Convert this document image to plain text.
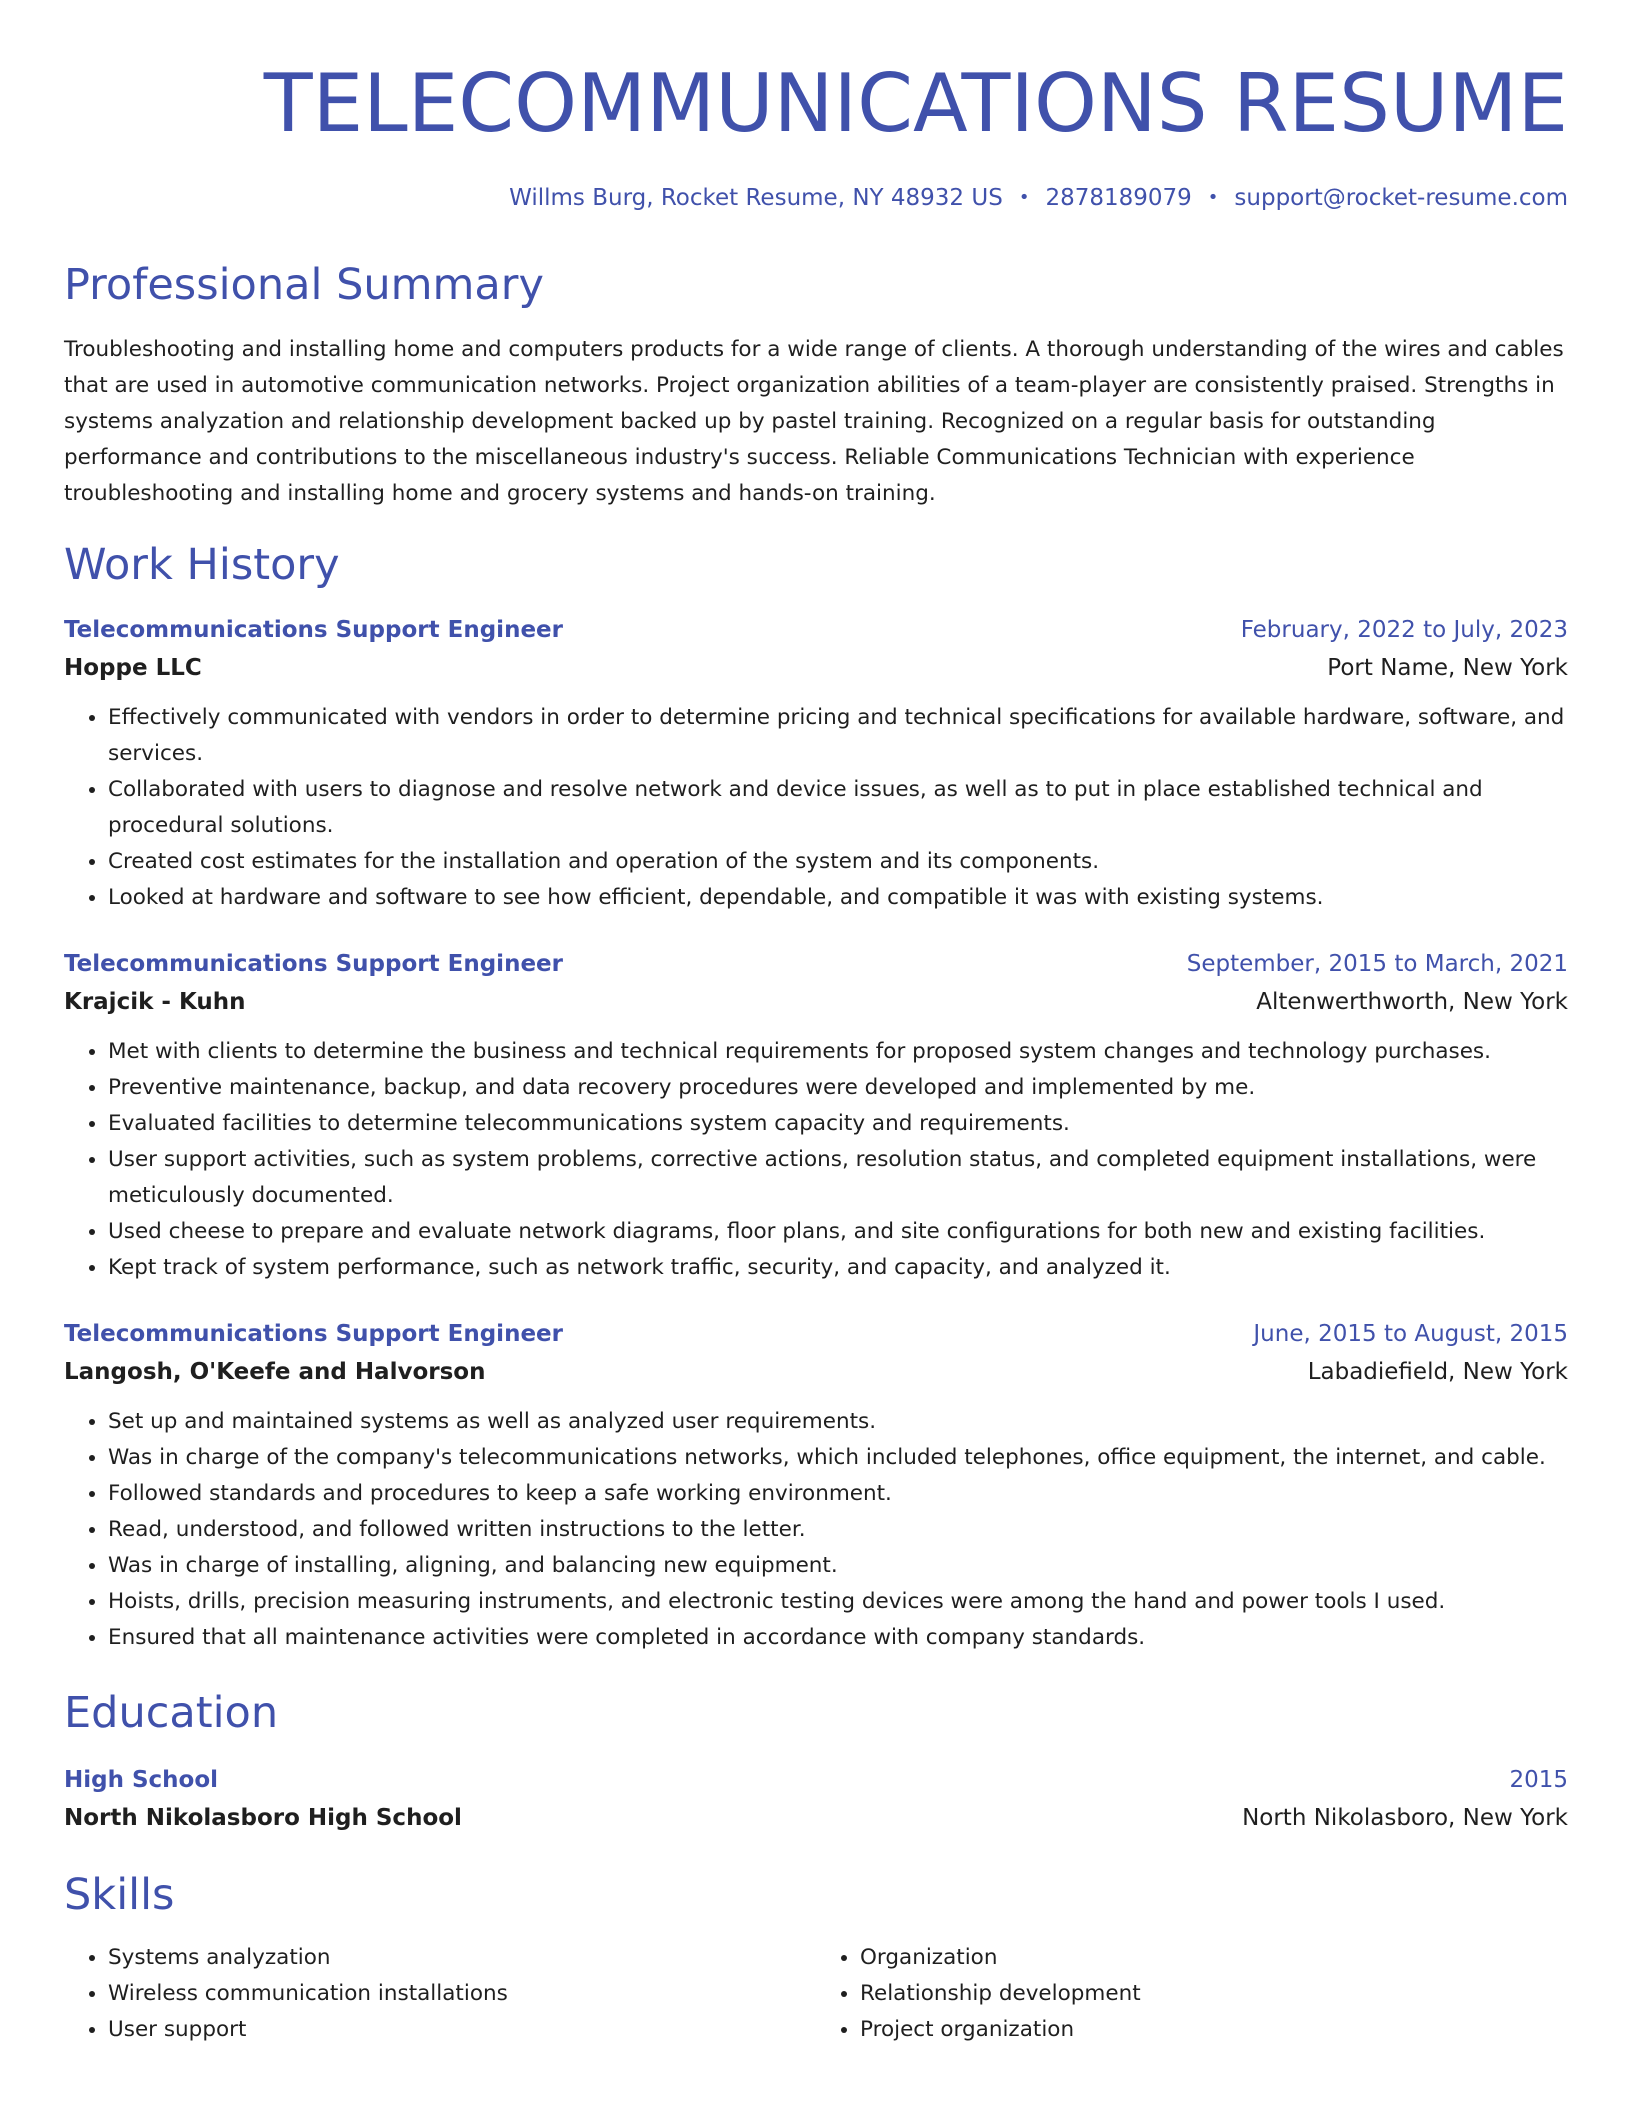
TELECOMMUNICATIONS RESUME
Willms Burg, Rocket Resume, NY 48932 US • 2878189079 • support@rocket-resume.com
Professional Summary
Troubleshooting and installing home and computers products for a wide range of clients. A thorough understanding of the wires and cables that are used in automotive communication networks. Project organization abilities of a team-player are consistently praised. Strengths in systems analyzation and relationship development backed up by pastel training. Recognized on a regular basis for outstanding performance and contributions to the miscellaneous industry's success. Reliable Communications Technician with experience troubleshooting and installing home and grocery systems and hands-on training.
Work History
Telecommunications Support Engineer	February, 2022 to July, 2023
Hoppe LLC	Port Name, New York
• Effectively communicated with vendors in order to determine pricing and technical specifications for available hardware, software, and services.
• Collaborated with users to diagnose and resolve network and device issues, as well as to put in place established technical and procedural solutions.
• Created cost estimates for the installation and operation of the system and its components.
• Looked at hardware and software to see how efficient, dependable, and compatible it was with existing systems.
Telecommunications Support Engineer	September, 2015 to March, 2021
Krajcik - Kuhn	Altenwerthworth, New York
• Met with clients to determine the business and technical requirements for proposed system changes and technology purchases.
• Preventive maintenance, backup, and data recovery procedures were developed and implemented by me.
• Evaluated facilities to determine telecommunications system capacity and requirements.
• User support activities, such as system problems, corrective actions, resolution status, and completed equipment installations, were meticulously documented.
• Used cheese to prepare and evaluate network diagrams, floor plans, and site configurations for both new and existing facilities.
• Kept track of system performance, such as network traffic, security, and capacity, and analyzed it.
Telecommunications Support Engineer	June, 2015 to August, 2015
Langosh, O'Keefe and Halvorson	Labadiefield, New York
• Set up and maintained systems as well as analyzed user requirements.
• Was in charge of the company's telecommunications networks, which included telephones, office equipment, the internet, and cable.
• Followed standards and procedures to keep a safe working environment.
• Read, understood, and followed written instructions to the letter.
• Was in charge of installing, aligning, and balancing new equipment.
• Hoists, drills, precision measuring instruments, and electronic testing devices were among the hand and power tools I used.
• Ensured that all maintenance activities were completed in accordance with company standards.
Education
High School	2015
North Nikolasboro High School	North Nikolasboro, New York
Skills
• Systems analyzation
• Wireless communication installations
• User support
• Organization
• Relationship development
• Project organization
